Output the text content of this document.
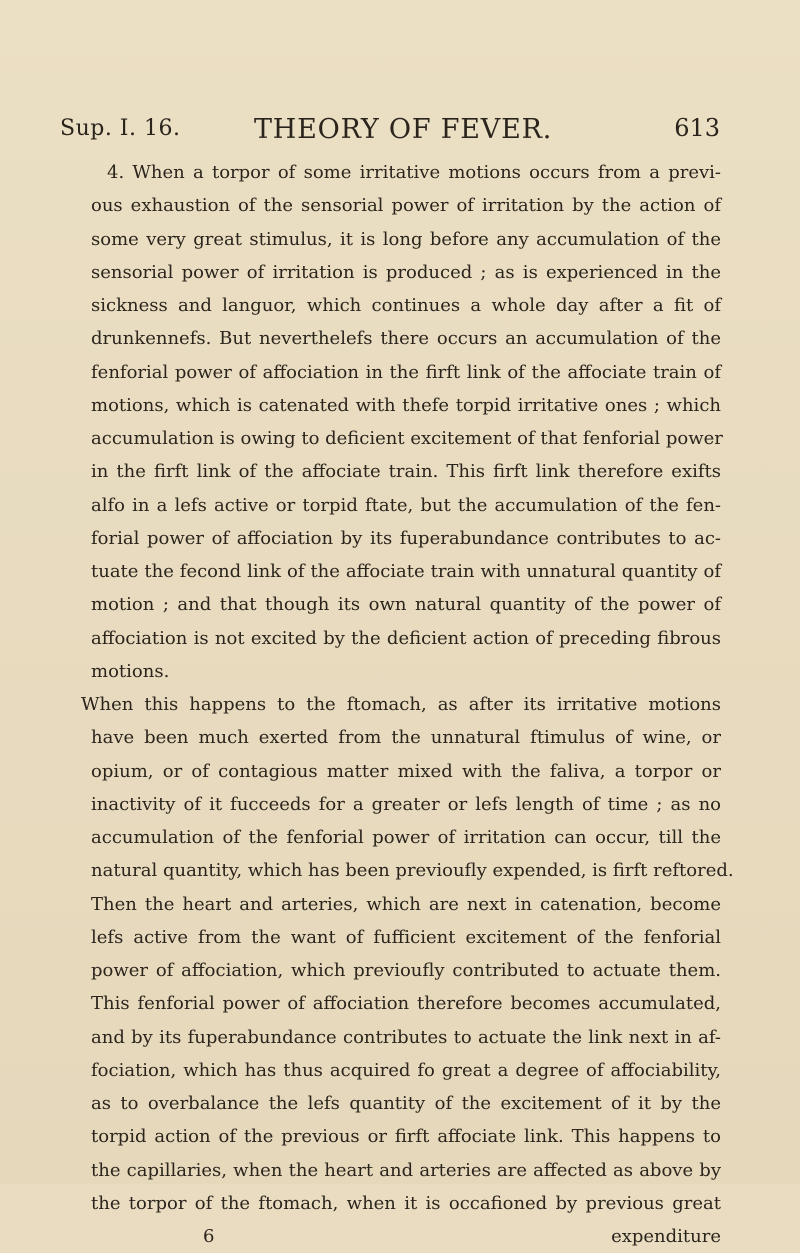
Sup. I. 16.	THEORY OF FEVER.	613
4. When a torpor of some irritative motions occurs from a previ-
ous exhaustion of the sensorial power of irritation by the action of
some very great stimulus, it is long before any accumulation of the
sensorial power of irritation is produced ; as is experienced in the
sickness and languor, which continues a whole day after a fit of
drunkennefs. But neverthelefs there occurs an accumulation of the
fenforial power of affociation in the firft link of the affociate train of
motions, which is catenated with thefe torpid irritative ones ; which
accumulation is owing to deficient excitement of that fenforial power
in the firft link of the affociate train. This firft link therefore exifts
alfo in a lefs active or torpid ftate, but the accumulation of the fen-
forial power of affociation by its fuperabundance contributes to ac-
tuate the fecond link of the affociate train with unnatural quantity of
motion ; and that though its own natural quantity of the power of
affociation is not excited by the deficient action of preceding fibrous
motions.
When this happens to the ftomach, as after its irritative motions
have been much exerted from the unnatural ftimulus of wine, or
opium, or of contagious matter mixed with the faliva, a torpor or
inactivity of it fucceeds for a greater or lefs length of time ; as no
accumulation of the fenforial power of irritation can occur, till the
natural quantity, which has been previoufly expended, is firft reftored.
Then the heart and arteries, which are next in catenation, become
lefs active from the want of fufficient excitement of the fenforial
power of affociation, which previoufly contributed to actuate them.
This fenforial power of affociation therefore becomes accumulated,
and by its fuperabundance contributes to actuate the link next in af-
fociation, which has thus acquired fo great a degree of affociability,
as to overbalance the lefs quantity of the excitement of it by the
torpid action of the previous or firft affociate link. This happens to
the capillaries, when the heart and arteries are affected as above by
the torpor of the ftomach, when it is occafioned by previous great
6	expenditure
